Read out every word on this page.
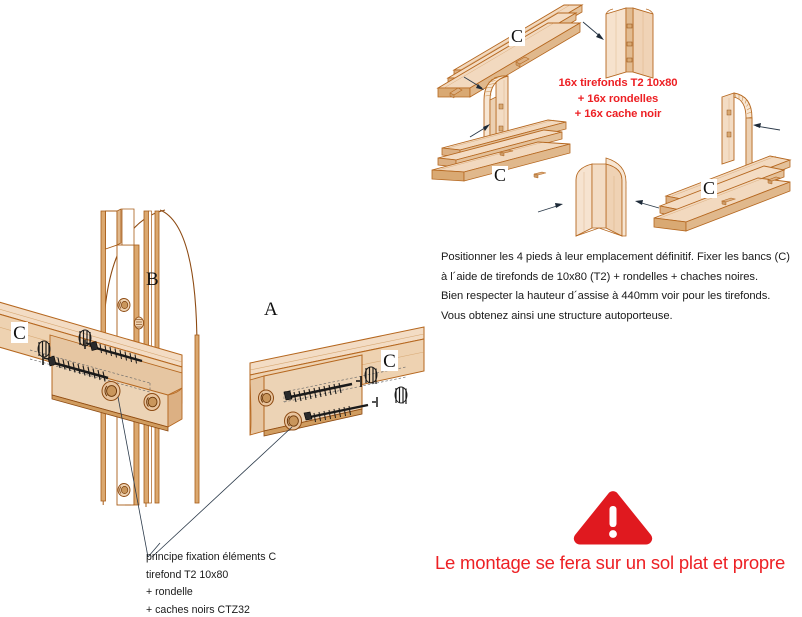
C
C
C
16x tirefonds T2 10x80
+ 16x rondelles
+ 16x cache noir
Positionner les 4 pieds à leur emplacement définitif. Fixer les bancs (C)
à l´aide de tirefonds de 10x80 (T2) + rondelles + chaches noires.
Bien respecter la hauteur d´assise à 440mm voir pour les tirefonds.
Vous obtenez ainsi une structure autoporteuse.
C
C
B
A
principe fixation éléments C
tirefond T2 10x80
+ rondelle
+ caches noirs CTZ32
Le montage se fera sur un sol plat et propre
